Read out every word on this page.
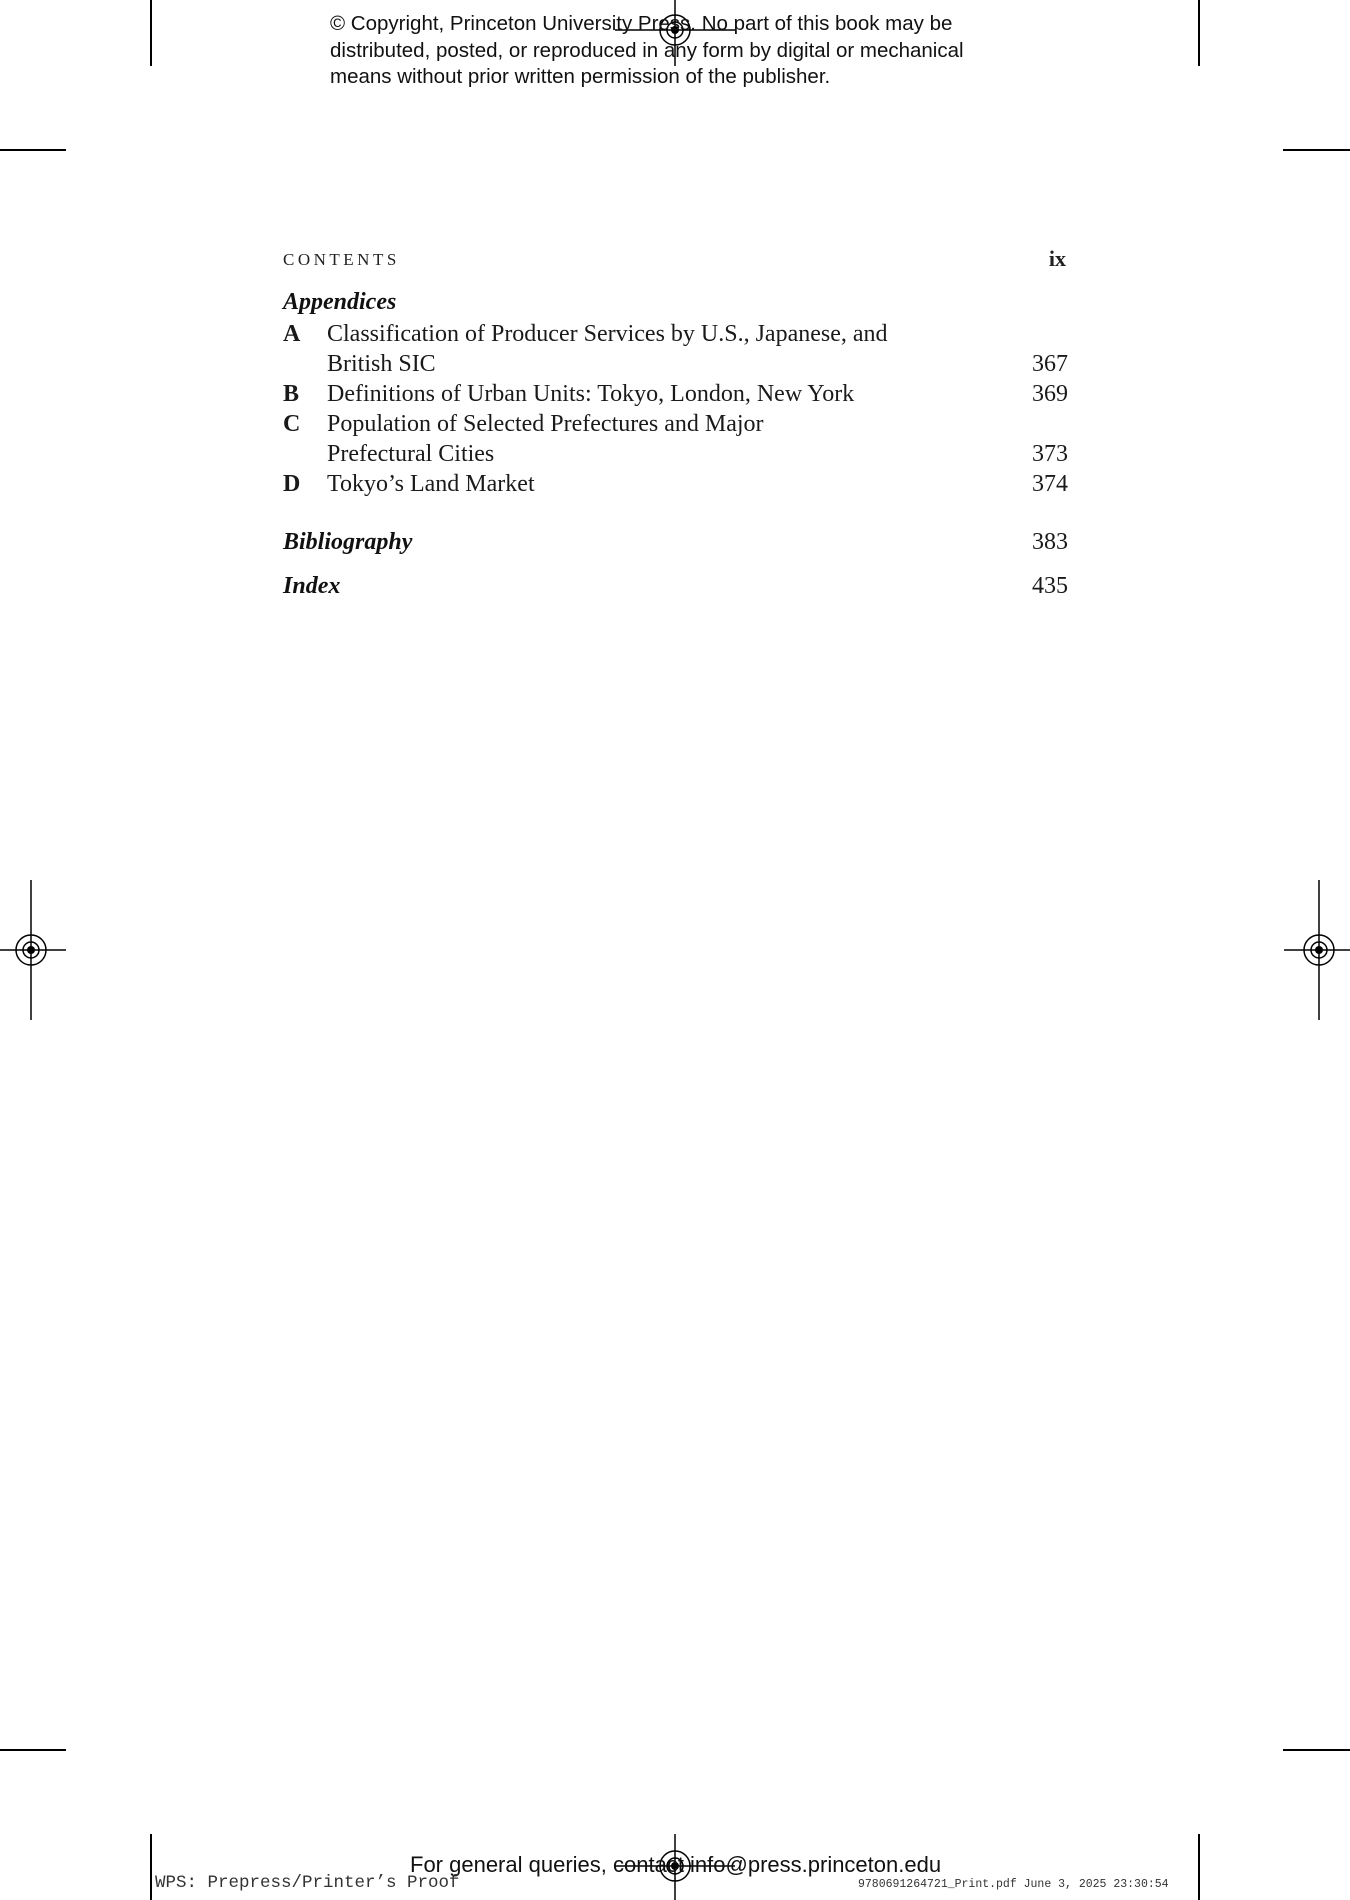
© Copyright, Princeton University Press. No part of this book may be
distributed, posted, or reproduced in any form by digital or mechanical
means without prior written permission of the publisher.
CONTENTS	ix
Appendices
A Classification of Producer Services by U.S., Japanese, and
British SIC	367
B Definitions of Urban Units: Tokyo, London, New York	369
C Population of Selected Prefectures and Major
Prefectural Cities	373
D Tokyo’s Land Market	374
Bibliography	383
Index	435
For general queries, contact info@press.princeton.edu
WPS: Prepress/Printer’s Proof	9780691264721_Print.pdf June 3, 2025 23:30:54
